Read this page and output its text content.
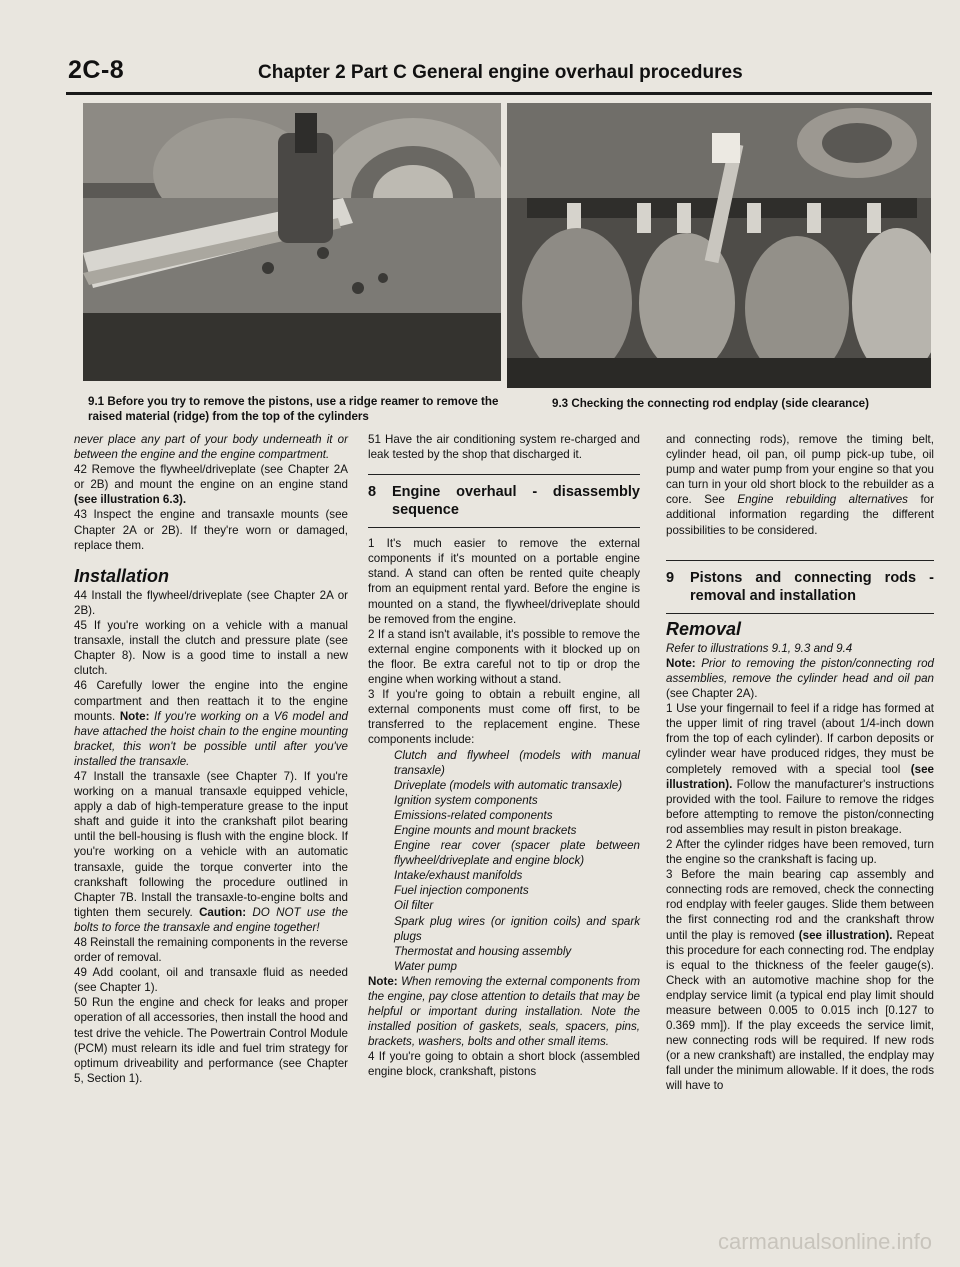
2C-8	Chapter 2 Part C General engine overhaul procedures
9.1 Before you try to remove the pistons, use a ridge reamer to remove the raised material (ridge) from the top of the cylinders
9.3 Checking the connecting rod endplay (side clearance)

never place any part of your body underneath it or between the engine and the engine compartment.

42 Remove the flywheel/driveplate (see Chapter 2A or 2B) and mount the engine on an engine stand (see illustration 6.3).

43 Inspect the engine and transaxle mounts (see Chapter 2A or 2B). If they're worn or damaged, replace them.

Installation

44 Install the flywheel/driveplate (see Chapter 2A or 2B).

45 If you're working on a vehicle with a manual transaxle, install the clutch and pressure plate (see Chapter 8). Now is a good time to install a new clutch.

46 Carefully lower the engine into the engine compartment and then reattach it to the engine mounts. Note: If you're working on a V6 model and have attached the hoist chain to the engine mounting bracket, this won't be possible until after you've installed the transaxle.

47 Install the transaxle (see Chapter 7). If you're working on a manual transaxle equipped vehicle, apply a dab of high-temperature grease to the input shaft and guide it into the crankshaft pilot bearing until the bell-housing is flush with the engine block. If you're working on a vehicle with an automatic transaxle, guide the torque converter into the crankshaft following the procedure outlined in Chapter 7B. Install the transaxle-to-engine bolts and tighten them securely. Caution: DO NOT use the bolts to force the transaxle and engine together!

48 Reinstall the remaining components in the reverse order of removal.

49 Add coolant, oil and transaxle fluid as needed (see Chapter 1).

50 Run the engine and check for leaks and proper operation of all accessories, then install the hood and test drive the vehicle. The Powertrain Control Module (PCM) must relearn its idle and fuel trim strategy for optimum driveability and performance (see Chapter 5, Section 1).

51 Have the air conditioning system re-charged and leak tested by the shop that discharged it.

8	Engine overhaul - disassembly sequence

1 It's much easier to remove the external components if it's mounted on a portable engine stand. A stand can often be rented quite cheaply from an equipment rental yard. Before the engine is mounted on a stand, the flywheel/driveplate should be removed from the engine.

2 If a stand isn't available, it's possible to remove the external engine components with it blocked up on the floor. Be extra careful not to tip or drop the engine when working without a stand.

3 If you're going to obtain a rebuilt engine, all external components must come off first, to be transferred to the replacement engine. These components include:

Clutch and flywheel (models with manual transaxle)

Driveplate (models with automatic transaxle)

Ignition system components

Emissions-related components

Engine mounts and mount brackets

Engine rear cover (spacer plate between flywheel/driveplate and engine block)

Intake/exhaust manifolds

Fuel injection components

Oil filter

Spark plug wires (or ignition coils) and spark plugs

Thermostat and housing assembly

Water pump

Note: When removing the external components from the engine, pay close attention to details that may be helpful or important during installation. Note the installed position of gaskets, seals, spacers, pins, brackets, washers, bolts and other small items.

4 If you're going to obtain a short block (assembled engine block, crankshaft, pistons

and connecting rods), remove the timing belt, cylinder head, oil pan, oil pump pick-up tube, oil pump and water pump from your engine so that you can turn in your old short block to the rebuilder as a core. See Engine rebuilding alternatives for additional information regarding the different possibilities to be considered.

9	Pistons and connecting rods - removal and installation
Removal

Refer to illustrations 9.1, 9.3 and 9.4

Note: Prior to removing the piston/connecting rod assemblies, remove the cylinder head and oil pan (see Chapter 2A).

1 Use your fingernail to feel if a ridge has formed at the upper limit of ring travel (about 1/4-inch down from the top of each cylinder). If carbon deposits or cylinder wear have produced ridges, they must be completely removed with a special tool (see illustration). Follow the manufacturer's instructions provided with the tool. Failure to remove the ridges before attempting to remove the piston/connecting rod assemblies may result in piston breakage.

2 After the cylinder ridges have been removed, turn the engine so the crankshaft is facing up.

3 Before the main bearing cap assembly and connecting rods are removed, check the connecting rod endplay with feeler gauges. Slide them between the first connecting rod and the crankshaft throw until the play is removed (see illustration). Repeat this procedure for each connecting rod. The endplay is equal to the thickness of the feeler gauge(s). Check with an automotive machine shop for the endplay service limit (a typical end play limit should measure between 0.005 to 0.015 inch [0.127 to 0.369 mm]). If the play exceeds the service limit, new connecting rods will be required. If new rods (or a new crankshaft) are installed, the endplay may fall under the minimum allowable. If it does, the rods will have to

carmanualsonline.info
